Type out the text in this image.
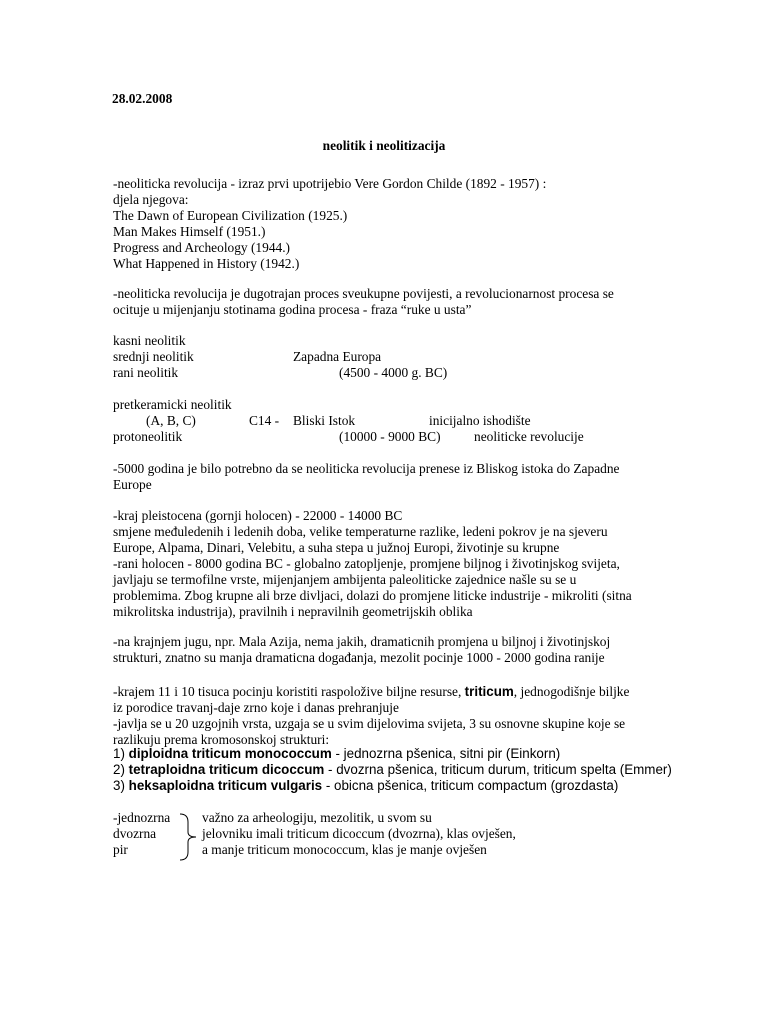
28.02.2008
neolitik i neolitizacija

-neoliticka revolucija - izraz prvi upotrijebio Vere Gordon Childe (1892 - 1957) :

djela njegova:

The Dawn of European Civilization (1925.)

Man Makes Himself (1951.)

Progress and Archeology (1944.)

What Happened in History (1942.)

-neoliticka revolucija je dugotrajan proces sveukupne povijesti, a revolucionarnost procesa se

ocituje u mijenjanju stotinama godina procesa - fraza “ruke u usta”

kasni neolitik
srednji neolitik	Zapadna Europa
rani neolitik	(4500 - 4000 g. BC)
pretkeramicki neolitik
(A, B, C)	C14 - Bliski Istok	inicijalno ishodište
protoneolitik	(10000 - 9000 BC) neoliticke revolucije

-5000 godina je bilo potrebno da se neoliticka revolucija prenese iz Bliskog istoka do Zapadne

Europe

-kraj pleistocena (gornji holocen) - 22000 - 14000 BC

smjene međuledenih i ledenih doba, velike temperaturne razlike, ledeni pokrov je na sjeveru

Europe, Alpama, Dinari, Velebitu, a suha stepa u južnoj Europi, životinje su krupne

-rani holocen - 8000 godina BC - globalno zatopljenje, promjene biljnog i životinjskog svijeta,

javljaju se termofilne vrste, mijenjanjem ambijenta paleoliticke zajednice našle su se u

problemima. Zbog krupne ali brze divljaci, dolazi do promjene liticke industrije - mikroliti (sitna

mikrolitska industrija), pravilnih i nepravilnih geometrijskih oblika

-na krajnjem jugu, npr. Mala Azija, nema jakih, dramaticnih promjena u biljnoj i životinjskoj

strukturi, znatno su manja dramaticna događanja, mezolit pocinje 1000 - 2000 godina ranije

-krajem 11 i 10 tisuca pocinju koristiti raspoložive biljne resurse, triticum, jednogodišnje biljke

iz porodice travanj-daje zrno koje i danas prehranjuje

-javlja se u 20 uzgojnih vrsta, uzgaja se u svim dijelovima svijeta, 3 su osnovne skupine koje se

razlikuju prema kromosonskoj strukturi:

1) diploidna triticum monococcum - jednozrna pšenica, sitni pir (Einkorn)

2) tetraploidna triticum dicoccum - dvozrna pšenica, triticum durum, triticum spelta (Emmer)

3) heksaploidna triticum vulgaris - obicna pšenica, triticum compactum (grozdasta)

-jednozrna

dvozrna

pir

važno za arheologiju, mezolitik, u svom su

jelovniku imali triticum dicoccum (dvozrna), klas ovješen,

a manje triticum monococcum, klas je manje ovješen
